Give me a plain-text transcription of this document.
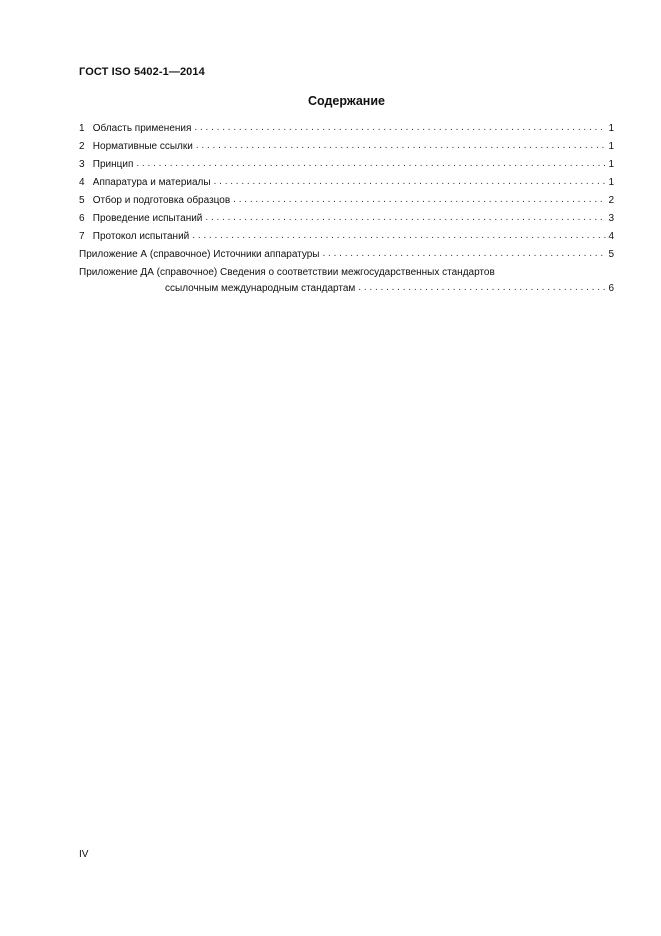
ГОСТ ISO 5402-1—2014
Содержание
1 Область применения . . .	1
2 Нормативные ссылки . . .	1
3 Принцип . . .	1
4 Аппаратура и материалы . . .	1
5 Отбор и подготовка образцов . . .	2
6 Проведение испытаний . . .	3
7 Протокол испытаний . . .	4
Приложение А (справочное) Источники аппаратуры . . .	5
Приложение ДА (справочное) Сведения о соответствии межгосударственных стандартов
ссылочным международным стандартам . . .	6
IV
